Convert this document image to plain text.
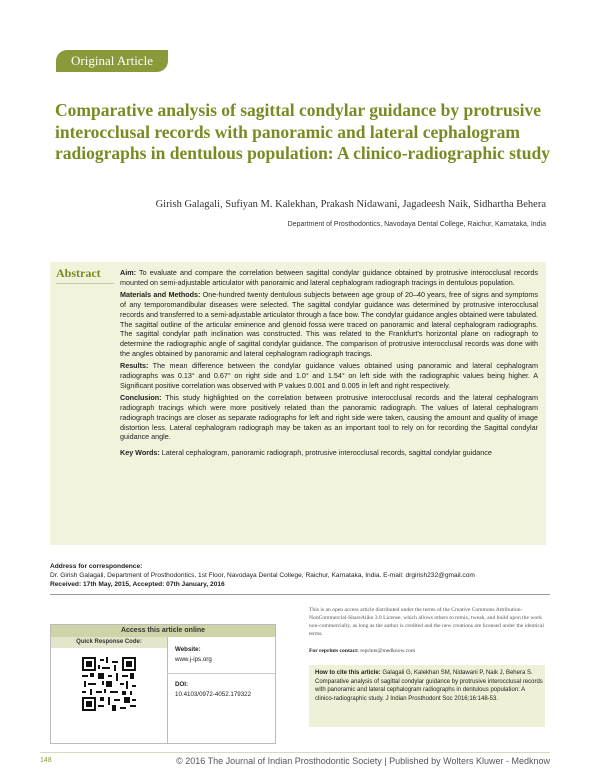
Original Article
Comparative analysis of sagittal condylar guidance by protrusive interocclusal records with panoramic and lateral cephalogram radiographs in dentulous population: A clinico-radiographic study

Girish Galagali, Sufiyan M. Kalekhan, Prakash Nidawani, Jagadeesh Naik, Sidhartha Behera

Department of Prosthodontics, Navodaya Dental College, Raichur, Karnataka, India

Abstract	Aim: To evaluate and compare the correlation between sagittal condylar guidance obtained by protrusive interocclusal records mounted on semi-adjustable articulator with panoramic and lateral cephalogram radiograph tracings in dentulous population.

Materials and Methods: One-hundred twenty dentulous subjects between age group of 20–40 years, free of signs and symptoms of any temporomandibular diseases were selected. The sagittal condylar guidance was determined by protrusive interocclusal records and transferred to a semi-adjustable articulator through a face bow. The condylar guidance angles obtained were tabulated. The sagittal outline of the articular eminence and glenoid fossa were traced on panoramic and lateral cephalogram radiographs. The sagittal condylar path inclination was constructed. This was related to the Frankfurt's horizontal plane on radiograph to determine the radiographic angle of sagittal condylar guidance. The comparison of protrusive interocclusal records was done with the angles obtained by panoramic and lateral cephalogram radiograph tracings.

Results: The mean difference between the condylar guidance values obtained using panoramic and lateral cephalogram radiographs was 0.13° and 0.67° on right side and 1.0° and 1.54° on left side with the radiographic values being higher. A Significant positive correlation was observed with P values 0.001 and 0.005 in left and right respectively.

Conclusion: This study highlighted on the correlation between protrusive interocclusal records and the lateral cephalogram radiograph tracings which were more positively related than the panoramic radiograph. The values of lateral cephalogram radiograph tracings are closer as separate radiographs for left and right side were taken, causing the amount and quality of image distortion less. Lateral cephalogram radiograph may be taken as an important tool to rely on for recording the Sagittal condylar guidance angle.

Key Words: Lateral cephalogram, panoramic radiograph, protrusive interocclusal records, sagittal condylar guidance

Address for correspondence:

Dr. Girish Galagali, Department of Prosthodontics, 1st Floor, Navodaya Dental College, Raichur, Karnataka, India. E-mail: drgirish232@gmail.com

Received: 17th May, 2015, Accepted: 07th January, 2016

Access this article online
Quick Response Code:
Website:
www.j-ips.org
DOI:
10.4103/0972-4052.179322

This is an open access article distributed under the terms of the Creative Commons Attribution-NonCommercial-ShareAlike 3.0 License, which allows others to remix, tweak, and build upon the work non-commercially, as long as the author is credited and the new creations are licensed under the identical terms.

For reprints contact: reprints@medknow.com
How to cite this article: Galagali G, Kalekhan SM, Nidawani P, Naik J, Behera S. Comparative analysis of sagittal condylar guidance by protrusive interocclusal records with panoramic and lateral cephalogram radiographs in dentulous population: A clinico-radiographic study. J Indian Prosthodont Soc 2016;16:148-53.
148	© 2016 The Journal of Indian Prosthodontic Society | Published by Wolters Kluwer - Medknow
